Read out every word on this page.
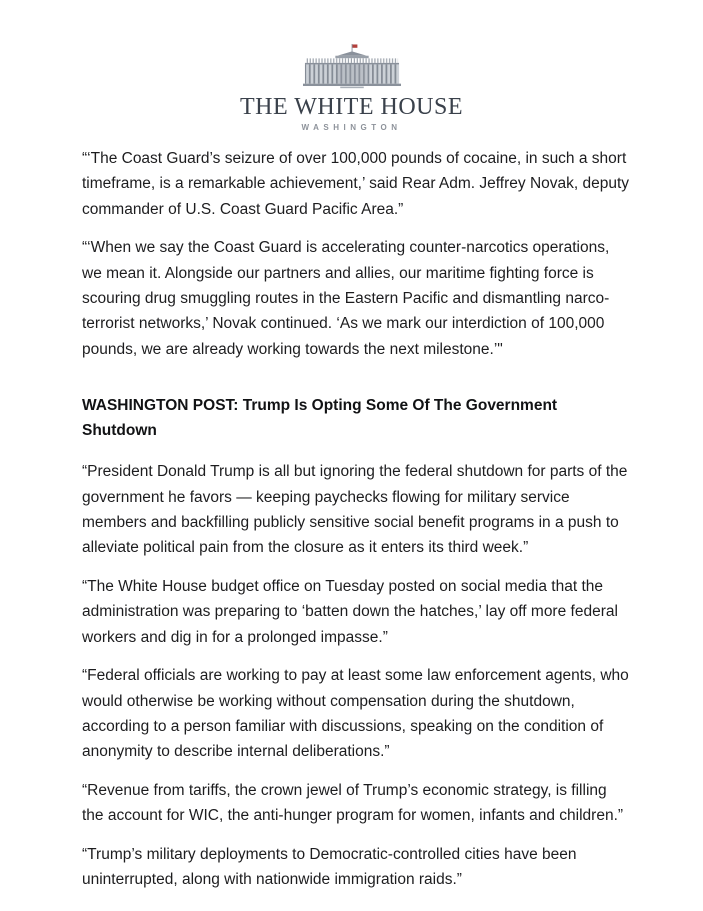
THE WHITE HOUSE
WASHINGTON

“‘The Coast Guard’s seizure of over 100,000 pounds of cocaine, in such a short timeframe, is a remarkable achievement,’ said Rear Adm. Jeffrey Novak, deputy commander of U.S. Coast Guard Pacific Area.”

“‘When we say the Coast Guard is accelerating counter-narcotics operations, we mean it. Alongside our partners and allies, our maritime fighting force is scouring drug smuggling routes in the Eastern Pacific and dismantling narco-terrorist networks,’ Novak continued. ‘As we mark our interdiction of 100,000 pounds, we are already working towards the next milestone.’"

WASHINGTON POST: Trump Is Opting Some Of The Government Shutdown

“President Donald Trump is all but ignoring the federal shutdown for parts of the government he favors — keeping paychecks flowing for military service members and backfilling publicly sensitive social benefit programs in a push to alleviate political pain from the closure as it enters its third week.”

“The White House budget office on Tuesday posted on social media that the administration was preparing to ‘batten down the hatches,’ lay off more federal workers and dig in for a prolonged impasse.”

“Federal officials are working to pay at least some law enforcement agents, who would otherwise be working without compensation during the shutdown, according to a person familiar with discussions, speaking on the condition of anonymity to describe internal deliberations.”

“Revenue from tariffs, the crown jewel of Trump’s economic strategy, is filling the account for WIC, the anti-hunger program for women, infants and children.”

“Trump’s military deployments to Democratic-controlled cities have been uninterrupted, along with nationwide immigration raids.”
